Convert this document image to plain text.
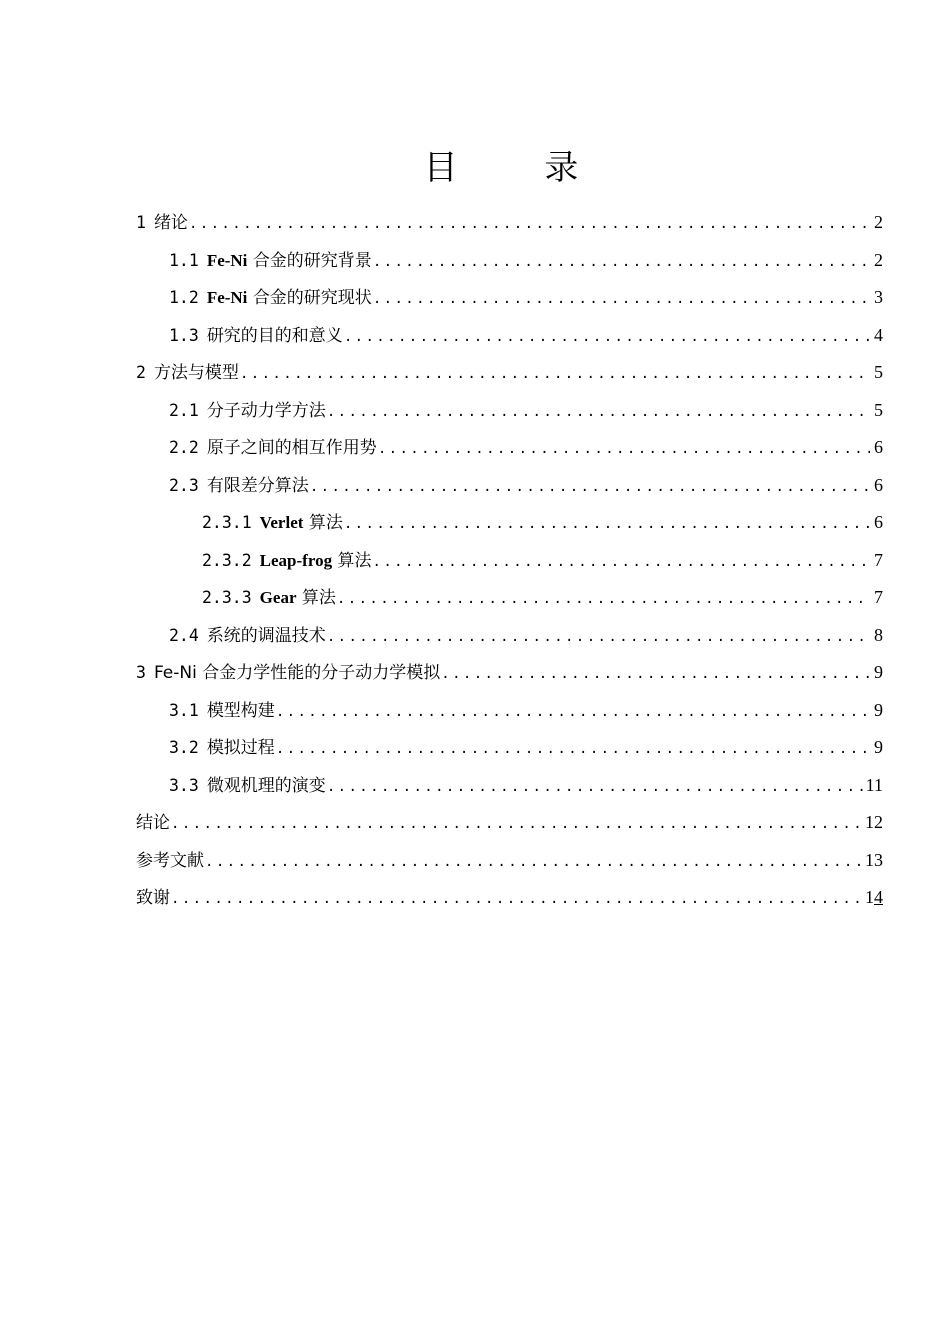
目 录
1 绪论 .....	2
1.1 Fe-Ni 合金的研究背景 .....	2
1.2 Fe-Ni 合金的研究现状 .....	3
1.3 研究的目的和意义 .....	4
2 方法与模型 .....	5
2.1 分子动力学方法 .....	5
2.2 原子之间的相互作用势 .....	6
2.3 有限差分算法 .....	6
2.3.1 Verlet 算法 .....	6
2.3.2 Leap-frog 算法 .....	7
2.3.3 Gear 算法 .....	7
2.4 系统的调温技术 .....	8
3 Fe-Ni 合金力学性能的分子动力学模拟 .....	9
3.1 模型构建 .....	9
3.2 模拟过程 .....	9
3.3 微观机理的演变 .....	11
结论 .....	12
参考文献 .....	13
致谢 .....	14
